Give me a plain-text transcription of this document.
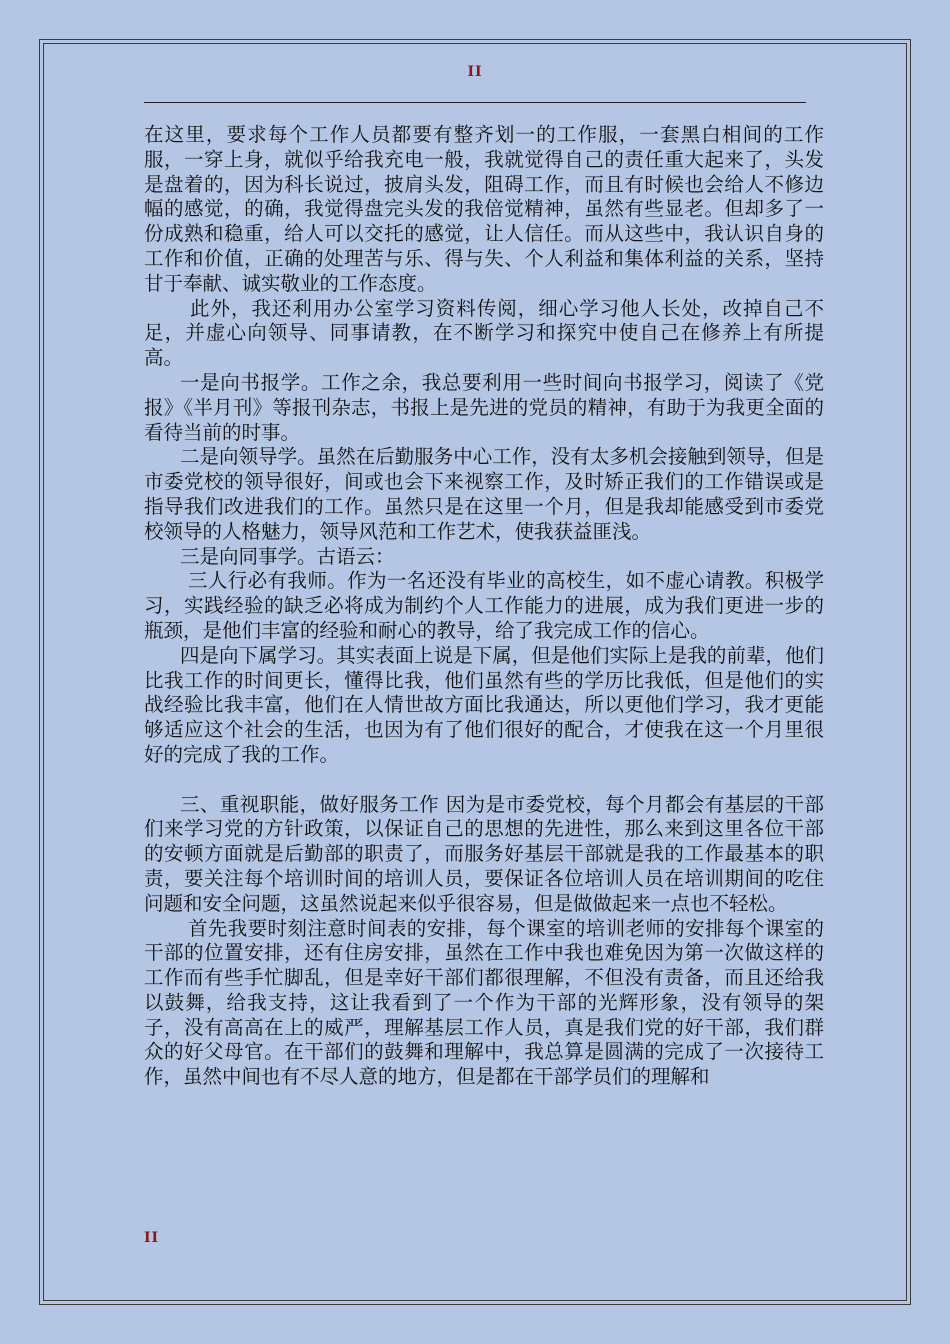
II

在这里，要求每个工作人员都要有整齐划一的工作服，一套黑白相间的工作服，一穿上身，就似乎给我充电一般，我就觉得自己的责任重大起来了，头发是盘着的，因为科长说过，披肩头发，阻碍工作，而且有时候也会给人不修边幅的感觉，的确，我觉得盘完头发的我倍觉精神，虽然有些显老。但却多了一份成熟和稳重，给人可以交托的感觉，让人信任。而从这些中，我认识自身的工作和价值，正确的处理苦与乐、得与失、个人利益和集体利益的关系，坚持甘于奉献、诚实敬业的工作态度。

此外，我还利用办公室学习资料传阅，细心学习他人长处，改掉自己不足，并虚心向领导、同事请教，在不断学习和探究中使自己在修养上有所提高。

一是向书报学。工作之余，我总要利用一些时间向书报学习，阅读了《党报》《半月刊》等报刊杂志，书报上是先进的党员的精神，有助于为我更全面的看待当前的时事。

二是向领导学。虽然在后勤服务中心工作，没有太多机会接触到领导，但是市委党校的领导很好，间或也会下来视察工作，及时矫正我们的工作错误或是指导我们改进我们的工作。虽然只是在这里一个月，但是我却能感受到市委党校领导的人格魅力，领导风范和工作艺术，使我获益匪浅。

三是向同事学。古语云：

三人行必有我师。作为一名还没有毕业的高校生，如不虚心请教。积极学习，实践经验的缺乏必将成为制约个人工作能力的进展，成为我们更进一步的瓶颈，是他们丰富的经验和耐心的教导，给了我完成工作的信心。

四是向下属学习。其实表面上说是下属，但是他们实际上是我的前辈，他们比我工作的时间更长，懂得比我，他们虽然有些的学历比我低，但是他们的实战经验比我丰富，他们在人情世故方面比我通达，所以更他们学习，我才更能够适应这个社会的生活，也因为有了他们很好的配合，才使我在这一个月里很好的完成了我的工作。

三、重视职能，做好服务工作 因为是市委党校，每个月都会有基层的干部们来学习党的方针政策，以保证自己的思想的先进性，那么来到这里各位干部的安顿方面就是后勤部的职责了，而服务好基层干部就是我的工作最基本的职责，要关注每个培训时间的培训人员，要保证各位培训人员在培训期间的吃住问题和安全问题，这虽然说起来似乎很容易，但是做做起来一点也不轻松。

首先我要时刻注意时间表的安排，每个课室的培训老师的安排每个课室的干部的位置安排，还有住房安排，虽然在工作中我也难免因为第一次做这样的工作而有些手忙脚乱，但是幸好干部们都很理解，不但没有责备，而且还给我以鼓舞，给我支持，这让我看到了一个作为干部的光辉形象，没有领导的架子，没有高高在上的威严，理解基层工作人员，真是我们党的好干部，我们群众的好父母官。在干部们的鼓舞和理解中，我总算是圆满的完成了一次接待工作，虽然中间也有不尽人意的地方，但是都在干部学员们的理解和

II
